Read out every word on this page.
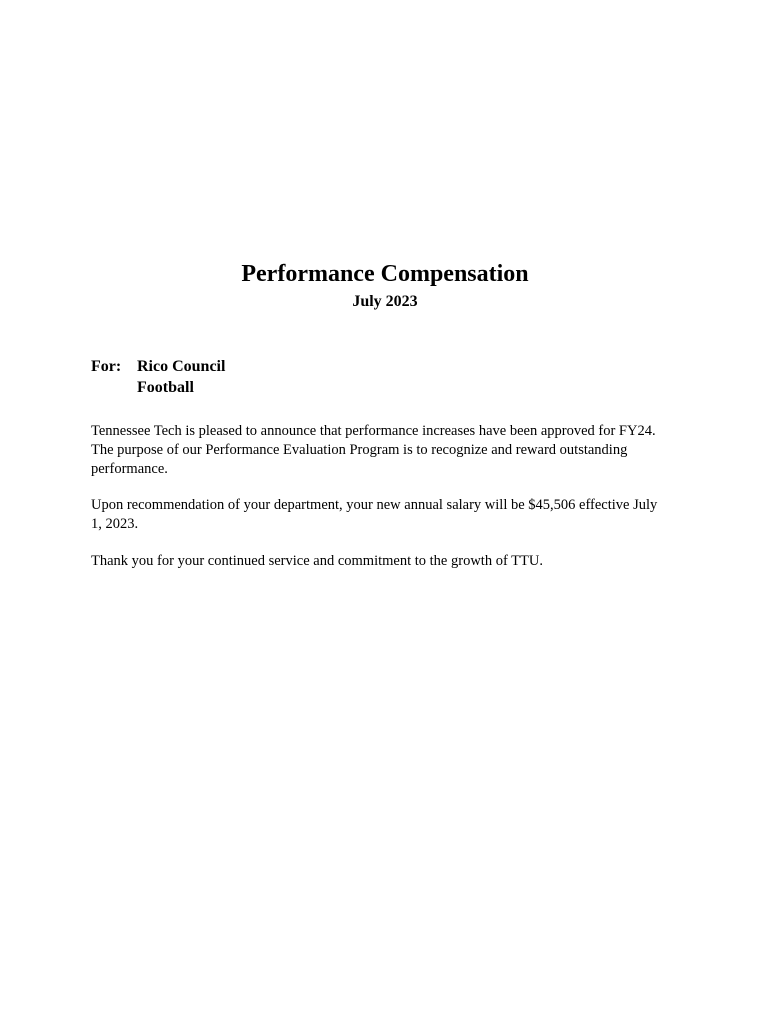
Performance Compensation
July 2023
For: Rico Council
Football

Tennessee Tech is pleased to announce that performance increases have been approved for FY24. The purpose of our Performance Evaluation Program is to recognize and reward outstanding performance.

Upon recommendation of your department, your new annual salary will be $45,506 effective July 1, 2023.

Thank you for your continued service and commitment to the growth of TTU.
